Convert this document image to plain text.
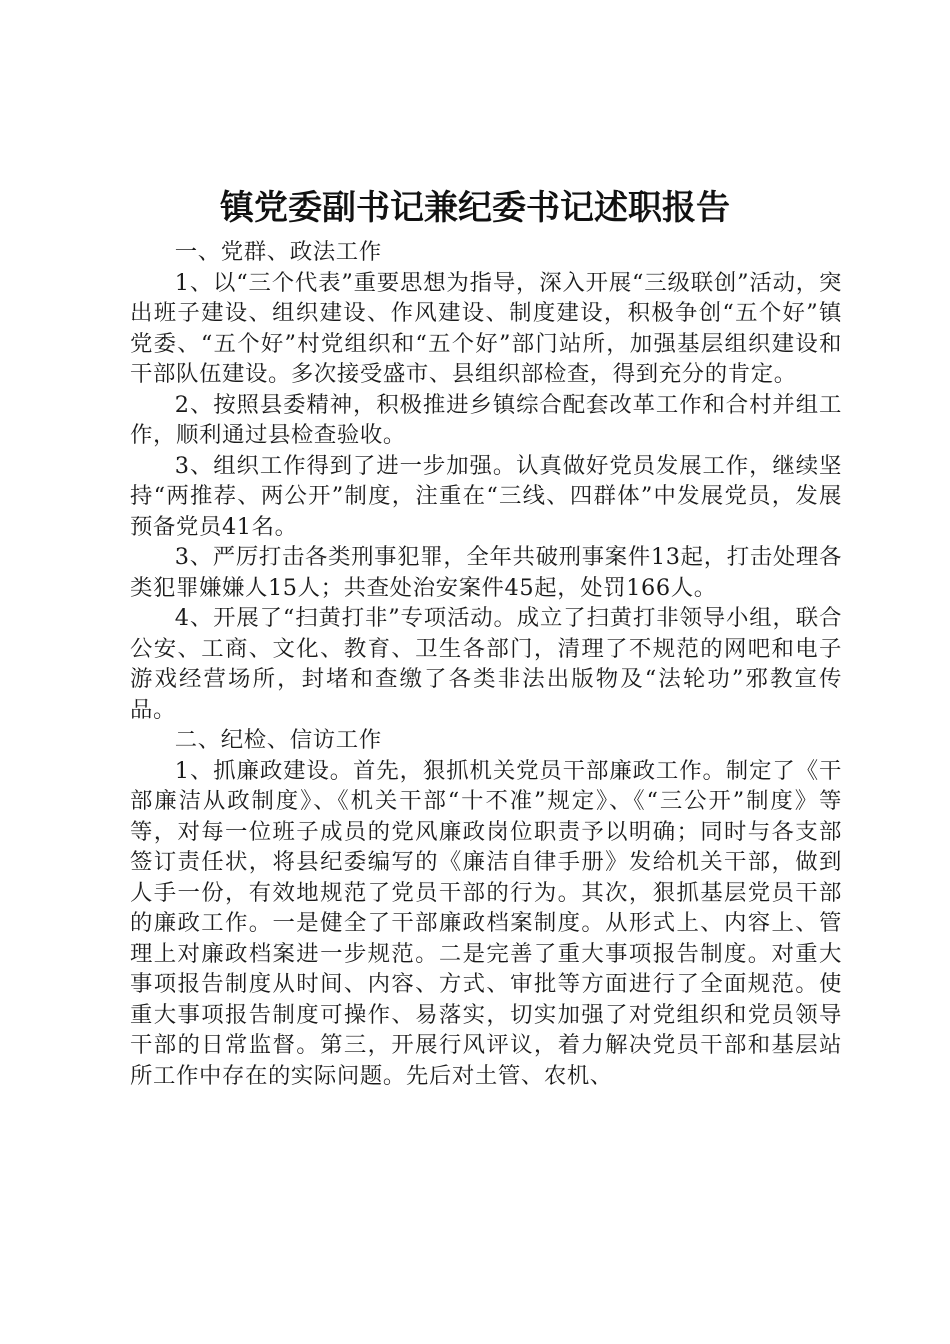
镇党委副书记兼纪委书记述职报告

一、党群、政法工作

1、以“三个代表”重要思想为指导，深入开展“三级联创”活动，突出班子建设、组织建设、作风建设、制度建设，积极争创“五个好”镇党委、“五个好”村党组织和“五个好”部门站所，加强基层组织建设和干部队伍建设。多次接受盛市、县组织部检查，得到充分的肯定。

2、按照县委精神，积极推进乡镇综合配套改革工作和合村并组工作，顺利通过县检查验收。

3、组织工作得到了进一步加强。认真做好党员发展工作，继续坚持“两推荐、两公开”制度，注重在“三线、四群体”中发展党员，发展预备党员41名。

3、严厉打击各类刑事犯罪，全年共破刑事案件13起，打击处理各类犯罪嫌嫌人15人；共查处治安案件45起，处罚166人。

4、开展了“扫黄打非”专项活动。成立了扫黄打非领导小组，联合公安、工商、文化、教育、卫生各部门，清理了不规范的网吧和电子游戏经营场所，封堵和查缴了各类非法出版物及“法轮功”邪教宣传品。

二、纪检、信访工作

1、抓廉政建设。首先，狠抓机关党员干部廉政工作。制定了《干部廉洁从政制度》、《机关干部“十不准”规定》、《“三公开”制度》等等，对每一位班子成员的党风廉政岗位职责予以明确；同时与各支部签订责任状，将县纪委编写的《廉洁自律手册》发给机关干部，做到人手一份，有效地规范了党员干部的行为。其次，狠抓基层党员干部的廉政工作。一是健全了干部廉政档案制度。从形式上、内容上、管理上对廉政档案进一步规范。二是完善了重大事项报告制度。对重大事项报告制度从时间、内容、方式、审批等方面进行了全面规范。使重大事项报告制度可操作、易落实，切实加强了对党组织和党员领导干部的日常监督。第三，开展行风评议，着力解决党员干部和基层站所工作中存在的实际问题。先后对土管、农机、
